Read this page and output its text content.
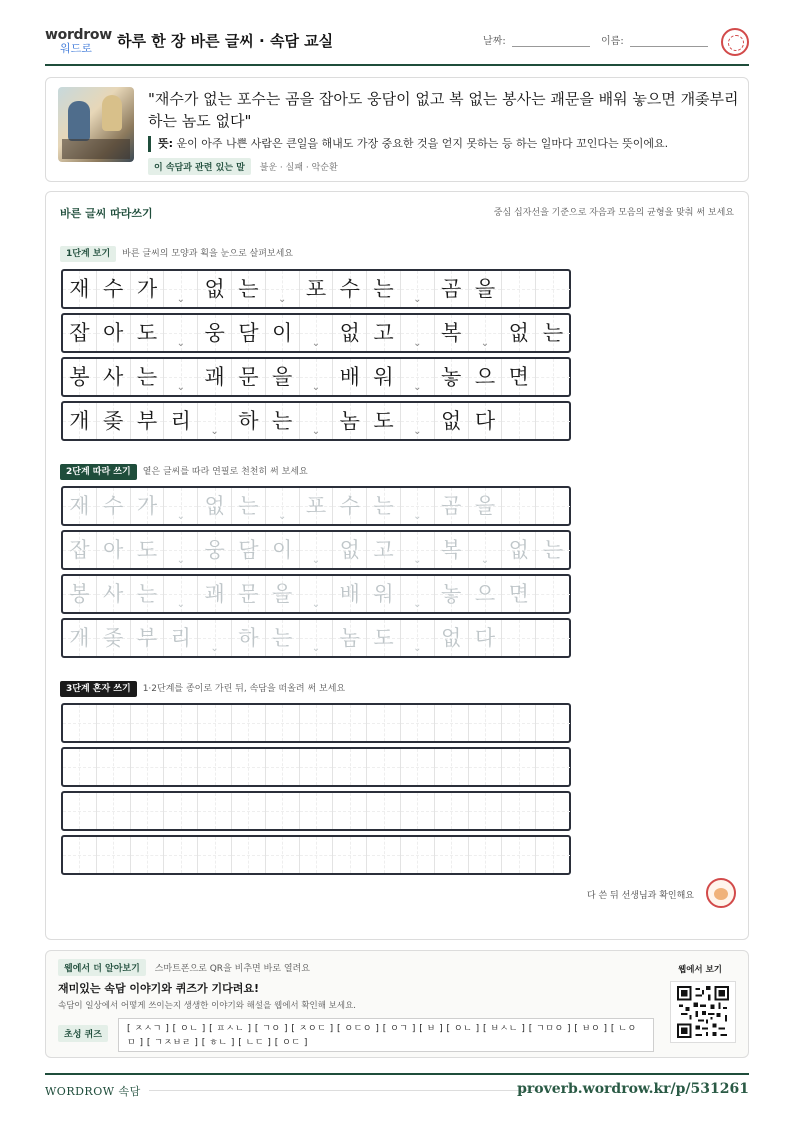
wordrow
워드로	하루 한 장 바른 글씨 · 속담 교실	날짜:	이름:
"재수가 없는 포수는 곰을 잡아도 웅담이 없고 복 없는 봉사는 괘문을 배워 놓으면 개좆부리 하는 놈도 없다"
뜻: 운이 아주 나쁜 사람은 큰일을 해내도 가장 중요한 것을 얻지 못하는 등 하는 일마다 꼬인다는 뜻이에요.
이 속담과 관련 있는 말 불운 · 실패 · 악순환
바른 글씨 따라쓰기	중심 십자선을 기준으로 자음과 모음의 균형을 맞춰 써 보세요
1단계 보기 바른 글씨의 모양과 획을 눈으로 살펴보세요
재 수 가	⌄ 없 는	⌄ 포 수 는	⌄ 곰 을
잡 아 도	⌄ 웅 담 이	⌄ 없 고	⌄ 복	⌄ 없 는
봉 사 는	⌄ 괘 문 을	⌄ 배 워	⌄ 놓 으 면
개 좆 부 리	⌄ 하 는	⌄ 놈 도	⌄ 없 다
2단계 따라 쓰기 옅은 글씨를 따라 연필로 천천히 써 보세요
재 수 가	⌄ 없 는	⌄ 포 수 는	⌄ 곰 을
잡 아 도	⌄ 웅 담 이	⌄ 없 고	⌄ 복	⌄ 없 는
봉 사 는	⌄ 괘 문 을	⌄ 배 워	⌄ 놓 으 면
개 좆 부 리	⌄ 하 는	⌄ 놈 도	⌄ 없 다
3단계 혼자 쓰기 1·2단계를 종이로 가린 뒤, 속담을 떠올려 써 보세요
다 쓴 뒤 선생님과 확인해요
웹에서 더 알아보기 스마트폰으로 QR을 비추면 바로 열려요
재미있는 속담 이야기와 퀴즈가 기다려요!
속담이 일상에서 어떻게 쓰이는지 생생한 이야기와 해설을 웹에서 확인해 보세요.
초성 퀴즈
[ ㅈㅅㄱ ] [ ㅇㄴ ] [ ㅍㅅㄴ ] [ ㄱㅇ ] [ ㅈㅇㄷ ] [ ㅇㄷㅇ ] [ ㅇㄱ ] [ ㅂ ] [ ㅇㄴ ] [ ㅂㅅㄴ ] [ ㄱㅁㅇ ] [ ㅂㅇ ] [ ㄴㅇㅁ ] [ ㄱㅈㅂㄹ ] [ ㅎㄴ ] [ ㄴㄷ ] [ ㅇㄷ ]
웹에서 보기
WORDROW 속담	proverb.wordrow.kr/p/531261
